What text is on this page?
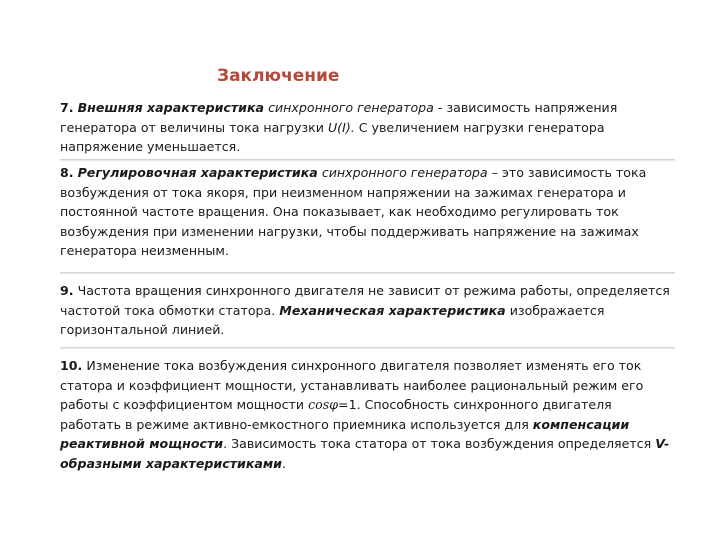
Заключение
7. Внешняя характеристика синхронного генератора - зависимость напряжения генератора от величины тока нагрузки U(I). С увеличением нагрузки генератора напряжение уменьшается.
8. Регулировочная характеристика синхронного генератора – это зависимость тока возбуждения от тока якоря, при неизменном напряжении на зажимах генератора и постоянной частоте вращения. Она показывает, как необходимо регулировать ток возбуждения при изменении нагрузки, чтобы поддерживать напряжение на зажимах генератора неизменным.
9. Частота вращения синхронного двигателя не зависит от режима работы, определяется частотой тока обмотки статора. Механическая характеристика изображается горизонтальной линией.
10. Изменение тока возбуждения синхронного двигателя позволяет изменять его ток статора и коэффициент мощности, устанавливать наиболее рациональный режим его работы с коэффициентом мощности cosφ=1. Способность синхронного двигателя работать в режиме активно-емкостного приемника используется для компенсации реактивной мощности. Зависимость тока статора от тока возбуждения определяется V-образными характеристиками.
